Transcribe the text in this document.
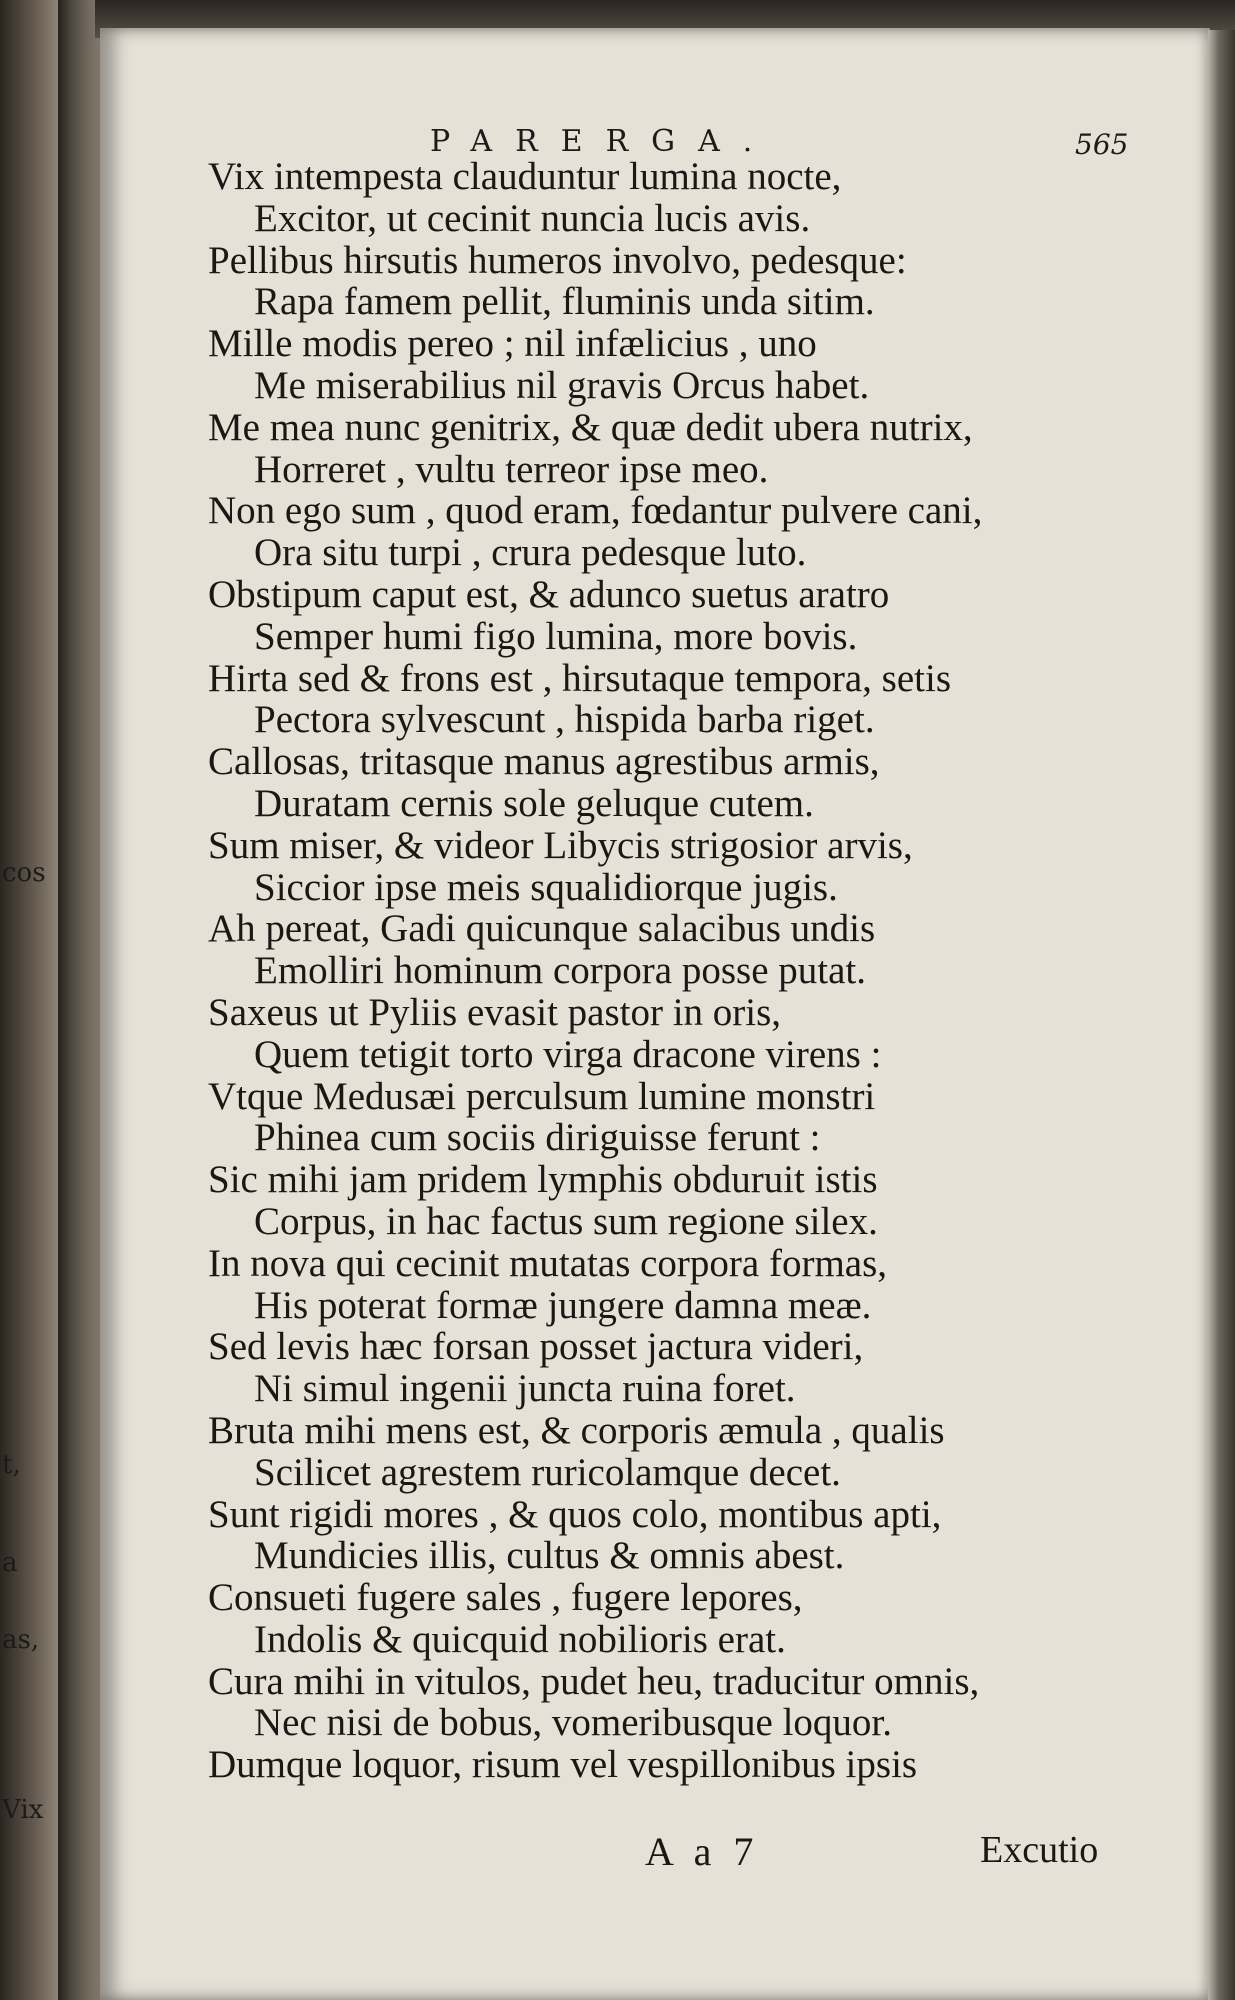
cos
t,
a
as,
Vix
PARERGA.	565
Vix intempesta clauduntur lumina nocte,
Excitor, ut cecinit nuncia lucis avis.
Pellibus hirsutis humeros involvo, pedesque:
Rapa famem pellit, fluminis unda sitim.
Mille modis pereo ; nil infælicius , uno
Me miserabilius nil gravis Orcus habet.
Me mea nunc genitrix, & quæ dedit ubera nutrix,
Horreret , vultu terreor ipse meo.
Non ego sum , quod eram, fœdantur pulvere cani,
Ora situ turpi , crura pedesque luto.
Obstipum caput est, & adunco suetus aratro
Semper humi figo lumina, more bovis.
Hirta sed & frons est , hirsutaque tempora, setis
Pectora sylvescunt , hispida barba riget.
Callosas, tritasque manus agrestibus armis,
Duratam cernis sole geluque cutem.
Sum miser, & videor Libycis strigosior arvis,
Siccior ipse meis squalidiorque jugis.
Ah pereat, Gadi quicunque salacibus undis
Emolliri hominum corpora posse putat.
Saxeus ut Pyliis evasit pastor in oris,
Quem tetigit torto virga dracone virens :
Vtque Medusæi perculsum lumine monstri
Phinea cum sociis diriguisse ferunt :
Sic mihi jam pridem lymphis obduruit istis
Corpus, in hac factus sum regione silex.
In nova qui cecinit mutatas corpora formas,
His poterat formæ jungere damna meæ.
Sed levis hæc forsan posset jactura videri,
Ni simul ingenii juncta ruina foret.
Bruta mihi mens est, & corporis æmula , qualis
Scilicet agrestem ruricolamque decet.
Sunt rigidi mores , & quos colo, montibus apti,
Mundicies illis, cultus & omnis abest.
Consueti fugere sales , fugere lepores,
Indolis & quicquid nobilioris erat.
Cura mihi in vitulos, pudet heu, traducitur omnis,
Nec nisi de bobus, vomeribusque loquor.
Dumque loquor, risum vel vespillonibus ipsis
A a 7	Excutio
